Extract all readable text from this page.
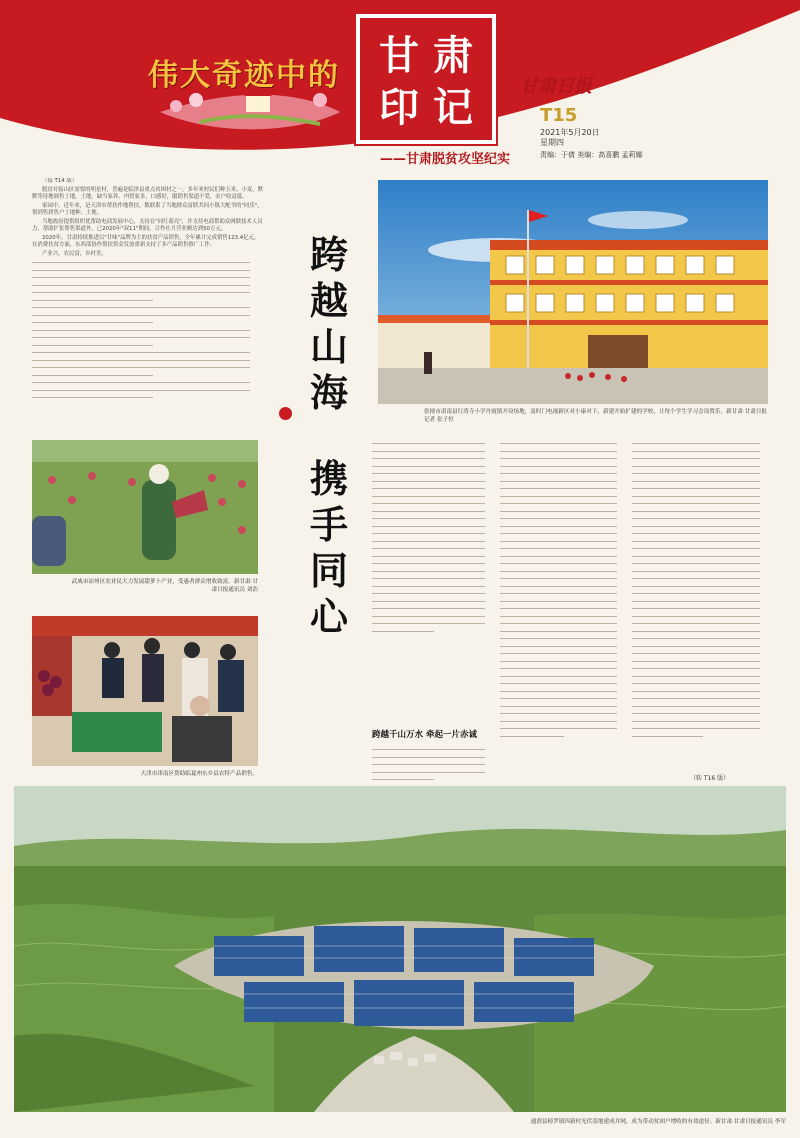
伟大奇迹中的 甘肃
印记
——甘肃脱贫攻坚纪实
甘肃日报
T15
2021年5月20日
星期四
责编：于倩 美编：高喜鹏 孟莉娜

（接 T14 版）

脱贫对接山区需要的明星村，普遍是临泽县重点贫困村之一。多年来村民们种玉米、小麦，默默等待地调售土地，土地，缺当家养，内资家多，口感好，服销售渠道不爱，农户收益低。

家园中，近年来，是天津市帮扶作地帮扶，数联系了当地群众富联共同小镇大配书的"同乐"，帮到售到售户土地种，土地。

当地政府提供组织优帮助电商发展中心，支持在"同红蓄亮"，并支持电商帮助众网联技术人员力，帮助扩张帮售渠道外，已2020年"双11"期间，合作社月营业额达到50万元。

2020年，甘肃持续推进以"甘味"品牌为主的扶贫产品销售，全年累计完成销售123.4亿元，在消费扶贫方面，东西部协作帮扶资金发放重新支持了多产品销售推广工作。

产业兴，农民富，乡村美。	跨
越
山
海
携
手
同
心
张掖市肃南县红湾寺小学丹霞镇开设场地，及时门电视新区对小康对下，新建开始扩建的学校，让每个学生学习会设置乐。新甘肃·甘肃日报记者 张子恒
武威市凉州区农业民大力发展甜萝卜产业，受惠者群众增收致富。新甘肃·甘肃日报通讯员 刘浩
天津市津南区帮助临夏州东乡县农特产品销售。
跨越千山万水 牵起一片赤诚
（转 T16 版）
通渭县榜罗镇四新村光伏基地建成并网，成为带动贫困户增收的有效途径。新甘肃·甘肃日报通讯员 李军
